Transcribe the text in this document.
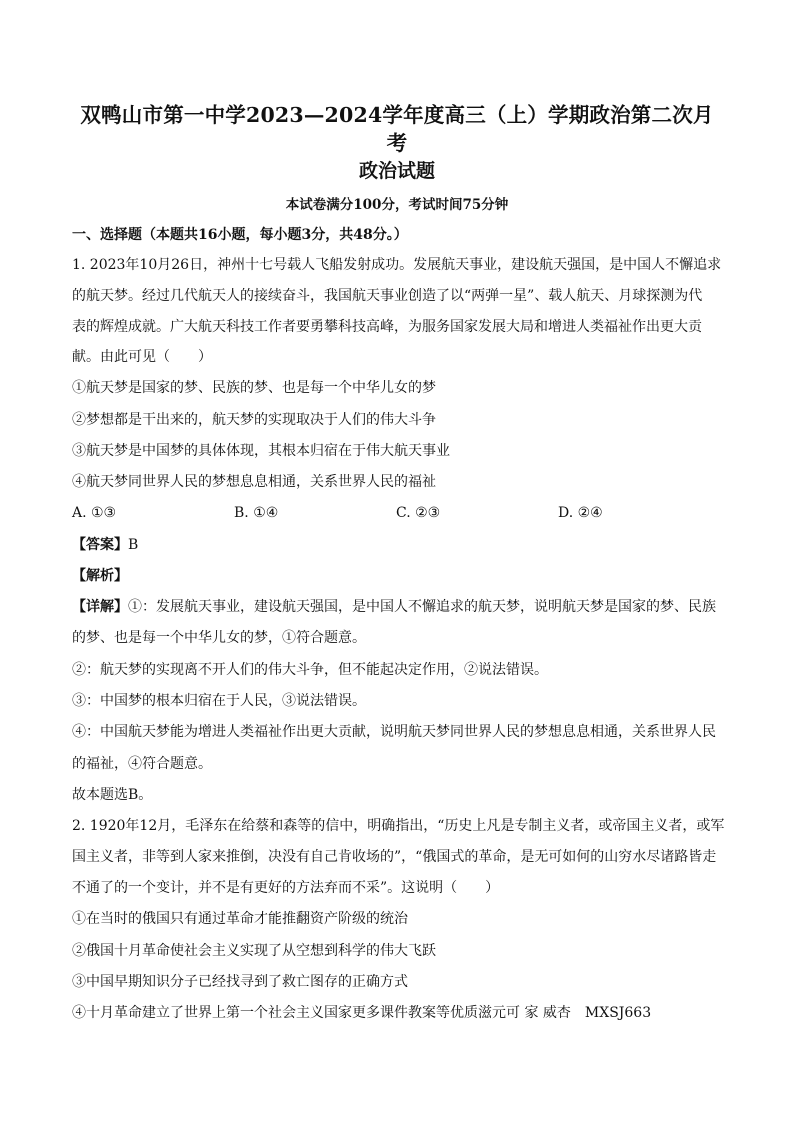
双鸭山市第一中学2023—2024学年度高三（上）学期政治第二次月
考
政治试题
本试卷满分100分，考试时间75分钟
一、选择题（本题共16小题，每小题3分，共48分。）
1. 2023年10月26日，神州十七号载人飞船发射成功。发展航天事业，建设航天强国，是中国人不懈追求
的航天梦。经过几代航天人的接续奋斗，我国航天事业创造了以“两弹一星”、载人航天、月球探测为代
表的辉煌成就。广大航天科技工作者要勇攀科技高峰，为服务国家发展大局和增进人类福祉作出更大贡
献。由此可见（　　）
①航天梦是国家的梦、民族的梦、也是每一个中华儿女的梦
②梦想都是干出来的，航天梦的实现取决于人们的伟大斗争
③航天梦是中国梦的具体体现，其根本归宿在于伟大航天事业
④航天梦同世界人民的梦想息息相通，关系世界人民的福祉
A. ①③	B. ①④	C. ②③	D. ②④
【答案】B
【解析】
【详解】①：发展航天事业，建设航天强国，是中国人不懈追求的航天梦，说明航天梦是国家的梦、民族
的梦、也是每一个中华儿女的梦，①符合题意。
②：航天梦的实现离不开人们的伟大斗争，但不能起决定作用，②说法错误。
③：中国梦的根本归宿在于人民，③说法错误。
④：中国航天梦能为增进人类福祉作出更大贡献，说明航天梦同世界人民的梦想息息相通，关系世界人民
的福祉，④符合题意。
故本题选B。
2. 1920年12月，毛泽东在给蔡和森等的信中，明确指出，“历史上凡是专制主义者，或帝国主义者，或军
国主义者，非等到人家来推倒，决没有自己肯收场的”，“俄国式的革命，是无可如何的山穷水尽诸路皆走
不通了的一个变计，并不是有更好的方法弃而不采”。这说明（　　）
①在当时的俄国只有通过革命才能推翻资产阶级的统治
②俄国十月革命使社会主义实现了从空想到科学的伟大飞跃
③中国早期知识分子已经找寻到了救亡图存的正确方式
④十月革命建立了世界上第一个社会主义国家更多课件教案等优质滋元可 家 威杏　MXSJ663
